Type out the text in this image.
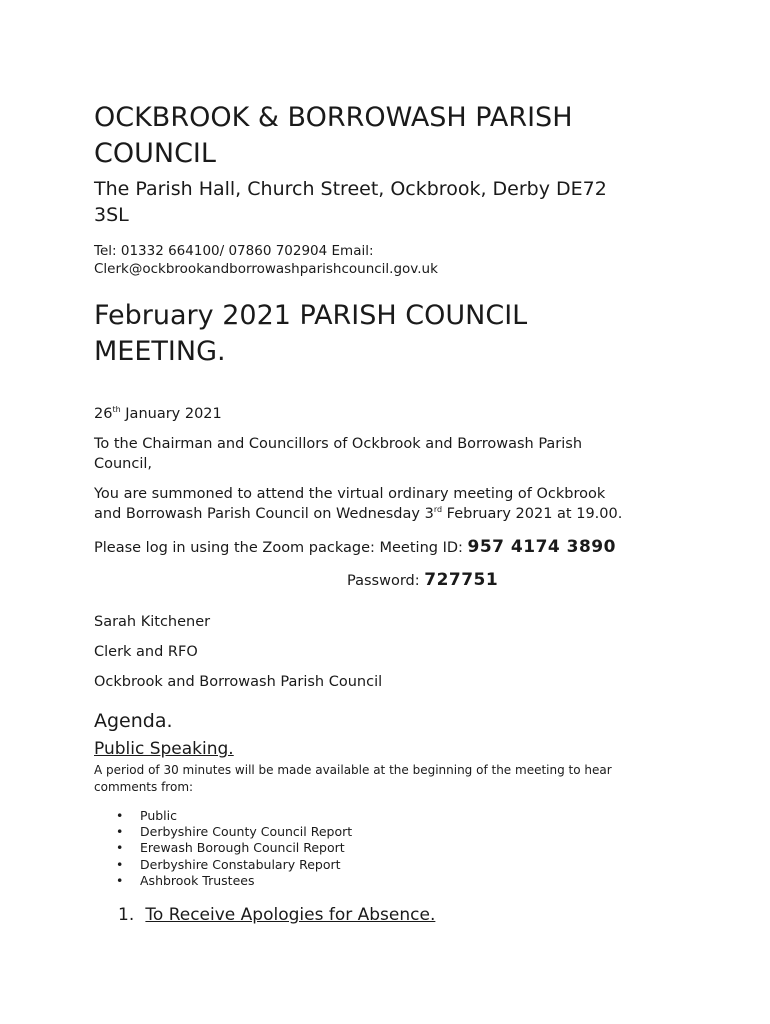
OCKBROOK & BORROWASH PARISH
COUNCIL

The Parish Hall, Church Street, Ockbrook, Derby DE72
3SL

Tel: 01332 664100/ 07860 702904 Email:
Clerk@ockbrookandborrowashparishcouncil.gov.uk

February 2021 PARISH COUNCIL
MEETING.

26th January 2021

To the Chairman and Councillors of Ockbrook and Borrowash Parish
Council,

You are summoned to attend the virtual ordinary meeting of Ockbrook
and Borrowash Parish Council on Wednesday 3rd February 2021 at 19.00.

Please log in using the Zoom package: Meeting ID: 957 4174 3890

Password: 727751

Sarah Kitchener

Clerk and RFO

Ockbrook and Borrowash Parish Council

Agenda.
Public Speaking.

A period of 30 minutes will be made available at the beginning of the meeting to hear
comments from:

• Public
• Derbyshire County Council Report
• Erewash Borough Council Report
• Derbyshire Constabulary Report
• Ashbrook Trustees
1. To Receive Apologies for Absence.
